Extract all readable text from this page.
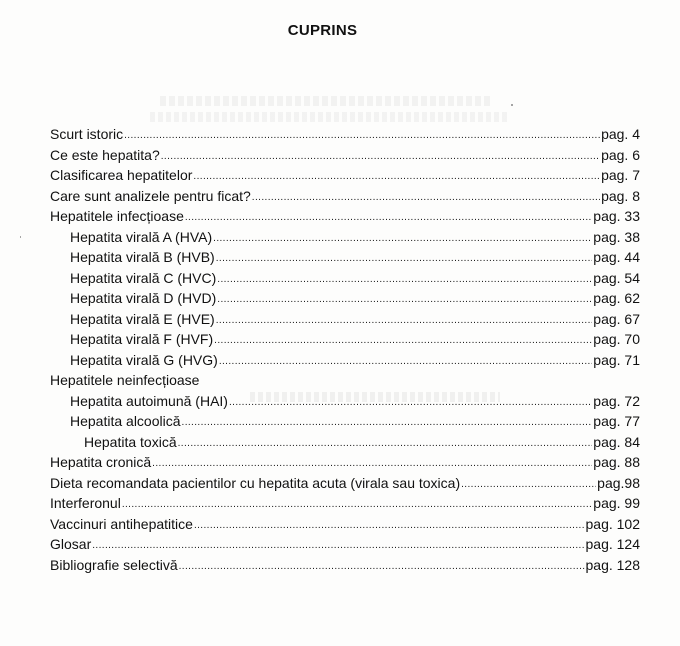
CUPRINS
Scurt istoric .....	pag. 4
Ce este hepatita? .....	pag. 6
Clasificarea hepatitelor .....	pag. 7
Care sunt analizele pentru ficat? .....	pag. 8
Hepatitele infecțioase .....	pag. 33
Hepatita virală A (HVA) .....	pag. 38
Hepatita virală B (HVB) .....	pag. 44
Hepatita virală C (HVC) .....	pag. 54
Hepatita virală D (HVD) .....	pag. 62
Hepatita virală E (HVE) .....	pag. 67
Hepatita virală F (HVF) .....	pag. 70
Hepatita virală G (HVG) .....	pag. 71
Hepatitele neinfecțioase
Hepatita autoimună (HAI) .....	pag. 72
Hepatita alcoolică .....	pag. 77
Hepatita toxică .....	pag. 84
Hepatita cronică .....	pag. 88
Dieta recomandata pacientilor cu hepatita acuta (virala sau toxica) .....	pag.98
Interferonul .....	pag. 99
Vaccinuri antihepatitice .....	pag. 102
Glosar .....	pag. 124
Bibliografie selectivă .....	pag. 128
